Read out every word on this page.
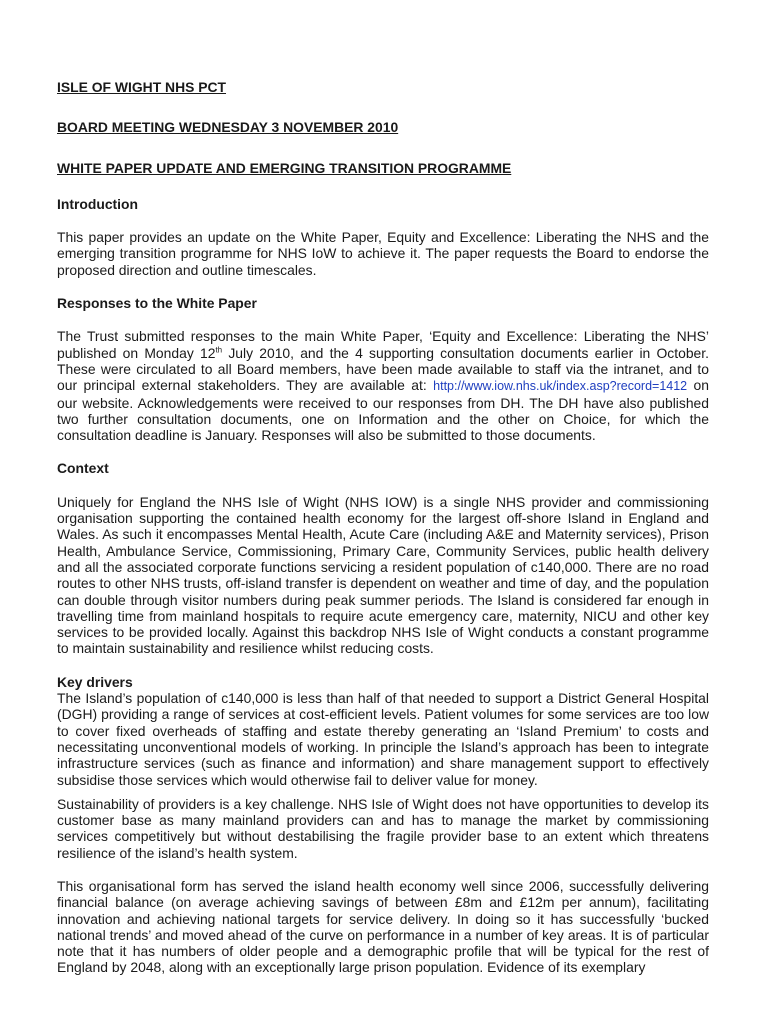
ISLE OF WIGHT NHS PCT
BOARD MEETING WEDNESDAY 3 NOVEMBER 2010
WHITE PAPER UPDATE AND EMERGING TRANSITION PROGRAMME
Introduction

This paper provides an update on the White Paper, Equity and Excellence: Liberating the NHS and the emerging transition programme for NHS IoW to achieve it. The paper requests the Board to endorse the proposed direction and outline timescales.

Responses to the White Paper

The Trust submitted responses to the main White Paper, ‘Equity and Excellence: Liberating the NHS’ published on Monday 12th July 2010, and the 4 supporting consultation documents earlier in October. These were circulated to all Board members, have been made available to staff via the intranet, and to our principal external stakeholders. They are available at: http://www.iow.nhs.uk/index.asp?record=1412 on our website. Acknowledgements were received to our responses from DH. The DH have also published two further consultation documents, one on Information and the other on Choice, for which the consultation deadline is January. Responses will also be submitted to those documents.

Context

Uniquely for England the NHS Isle of Wight (NHS IOW) is a single NHS provider and commissioning organisation supporting the contained health economy for the largest off-shore Island in England and Wales. As such it encompasses Mental Health, Acute Care (including A&E and Maternity services), Prison Health, Ambulance Service, Commissioning, Primary Care, Community Services, public health delivery and all the associated corporate functions servicing a resident population of c140,000. There are no road routes to other NHS trusts, off-island transfer is dependent on weather and time of day, and the population can double through visitor numbers during peak summer periods. The Island is considered far enough in travelling time from mainland hospitals to require acute emergency care, maternity, NICU and other key services to be provided locally. Against this backdrop NHS Isle of Wight conducts a constant programme to maintain sustainability and resilience whilst reducing costs.

Key drivers

The Island’s population of c140,000 is less than half of that needed to support a District General Hospital (DGH) providing a range of services at cost-efficient levels. Patient volumes for some services are too low to cover fixed overheads of staffing and estate thereby generating an ‘Island Premium’ to costs and necessitating unconventional models of working. In principle the Island’s approach has been to integrate infrastructure services (such as finance and information) and share management support to effectively subsidise those services which would otherwise fail to deliver value for money.

Sustainability of providers is a key challenge. NHS Isle of Wight does not have opportunities to develop its customer base as many mainland providers can and has to manage the market by commissioning services competitively but without destabilising the fragile provider base to an extent which threatens resilience of the island’s health system.

This organisational form has served the island health economy well since 2006, successfully delivering financial balance (on average achieving savings of between £8m and £12m per annum), facilitating innovation and achieving national targets for service delivery. In doing so it has successfully ‘bucked national trends’ and moved ahead of the curve on performance in a number of key areas. It is of particular note that it has numbers of older people and a demographic profile that will be typical for the rest of England by 2048, along with an exceptionally large prison population. Evidence of its exemplary
